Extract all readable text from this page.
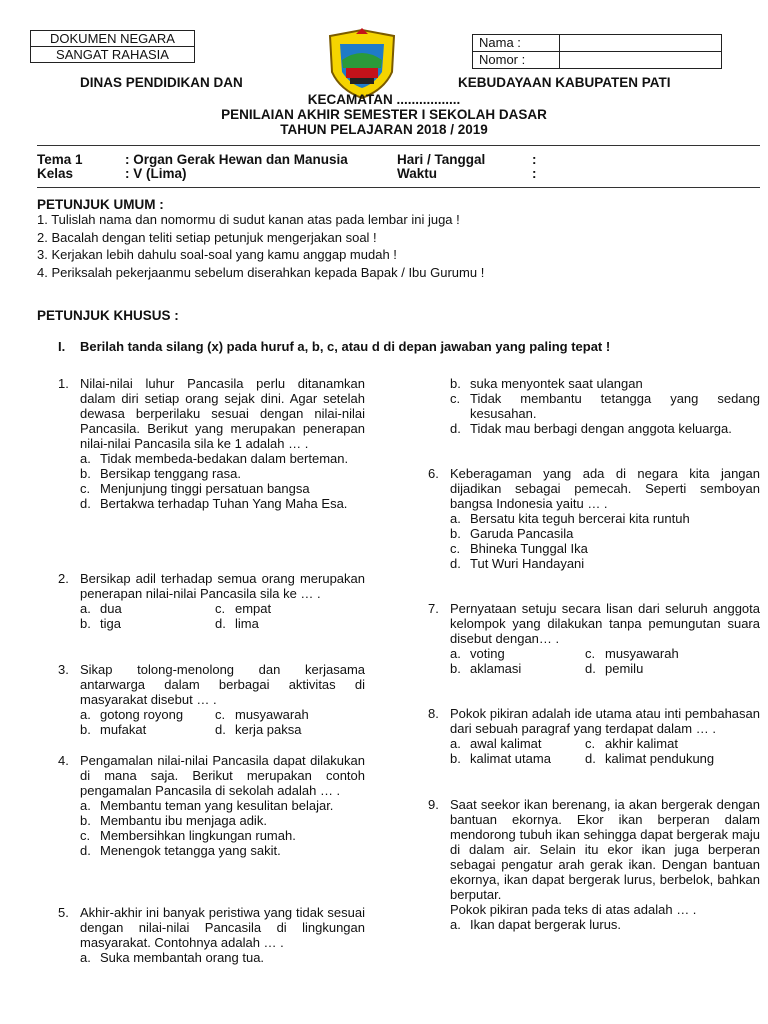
DOKUMEN NEGARA
SANGAT RAHASIA
Nama :
Nomor :
DINAS PENDIDIKAN DAN	KEBUDAYAAN KABUPATEN PATI
KECAMATAN .................
PENILAIAN AKHIR SEMESTER I SEKOLAH DASAR
TAHUN PELAJARAN 2018 / 2019
Tema 1	: Organ Gerak Hewan dan Manusia	Hari / Tanggal	:
Kelas	: V (Lima)	Waktu	:
PETUNJUK UMUM :
1. Tulislah nama dan nomormu di sudut kanan atas pada lembar ini juga !
2. Bacalah dengan teliti setiap petunjuk mengerjakan soal !
3. Kerjakan lebih dahulu soal-soal yang kamu anggap mudah !
4. Periksalah pekerjaanmu sebelum diserahkan kepada Bapak / Ibu Gurumu !
PETUNJUK KHUSUS :
I. Berilah tanda silang (x) pada huruf a, b, c, atau d di depan jawaban yang paling tepat !
1. Nilai-nilai luhur Pancasila perlu ditanamkan dalam diri setiap orang sejak dini. Agar setelah dewasa berperilaku sesuai dengan nilai-nilai Pancasila. Berikut yang merupakan penerapan nilai-nilai Pancasila sila ke 1 adalah … .
a. Tidak membeda-bedakan dalam berteman.
b. Bersikap tenggang rasa.
c. Menjunjung tinggi persatuan bangsa
d. Bertakwa terhadap Tuhan Yang Maha Esa.
2. Bersikap adil terhadap semua orang merupakan penerapan nilai-nilai Pancasila sila ke … .
a. dua	c. empat
b. tiga	d. lima
3. Sikap tolong-menolong dan kerjasama antarwarga dalam berbagai aktivitas di masyarakat disebut … .
a. gotong royong c. musyawarah
b. mufakat	d. kerja paksa
4. Pengamalan nilai-nilai Pancasila dapat dilakukan di mana saja. Berikut merupakan contoh pengamalan Pancasila di sekolah adalah … .
a. Membantu teman yang kesulitan belajar.
b. Membantu ibu menjaga adik.
c. Membersihkan lingkungan rumah.
d. Menengok tetangga yang sakit.
5. Akhir-akhir ini banyak peristiwa yang tidak sesuai dengan nilai-nilai Pancasila di lingkungan masyarakat. Contohnya adalah … .
a. Suka membantah orang tua.
b. suka menyontek saat ulangan
c. Tidak membantu tetangga yang sedang kesusahan.
d. Tidak mau berbagi dengan anggota keluarga.
6. Keberagaman yang ada di negara kita jangan dijadikan sebagai pemecah. Seperti semboyan bangsa Indonesia yaitu … .
a. Bersatu kita teguh bercerai kita runtuh
b. Garuda Pancasila
c. Bhineka Tunggal Ika
d. Tut Wuri Handayani
7. Pernyataan setuju secara lisan dari seluruh anggota kelompok yang dilakukan tanpa pemungutan suara disebut dengan… .
a. voting	c. musyawarah
b. aklamasi	d. pemilu
8. Pokok pikiran adalah ide utama atau inti pembahasan dari sebuah paragraf yang terdapat dalam … .
a. awal kalimat	c. akhir kalimat
b. kalimat utama	d. kalimat pendukung
9. Saat seekor ikan berenang, ia akan bergerak dengan bantuan ekornya. Ekor ikan berperan dalam mendorong tubuh ikan sehingga dapat bergerak maju di dalam air. Selain itu ekor ikan juga berperan sebagai pengatur arah gerak ikan. Dengan bantuan ekornya, ikan dapat bergerak lurus, berbelok, bahkan berputar.
Pokok pikiran pada teks di atas adalah … .
a. Ikan dapat bergerak lurus.
